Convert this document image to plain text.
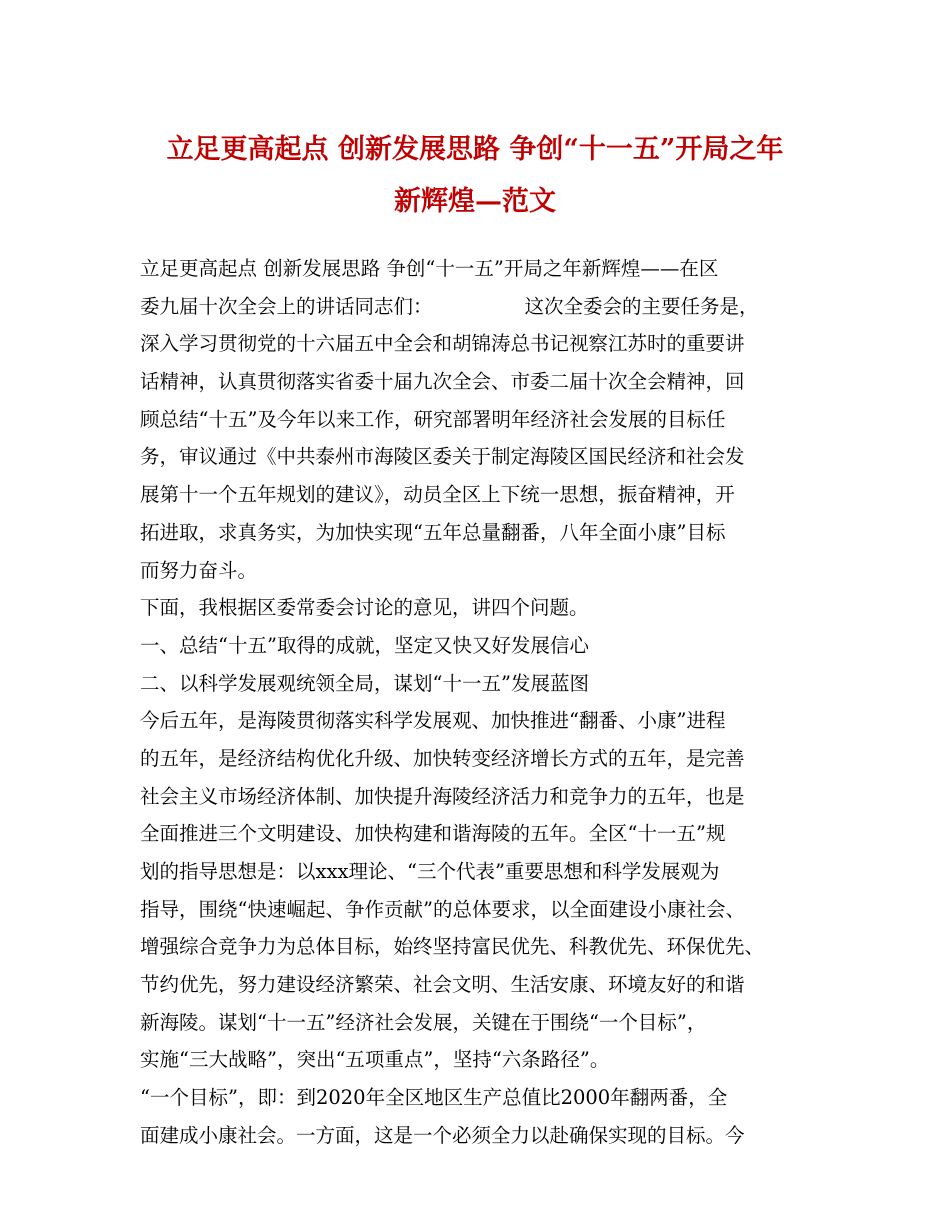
立足更高起点 创新发展思路 争创“十一五”开局之年
新辉煌—范文
立足更高起点 创新发展思路 争创“十一五”开局之年新辉煌——在区
委九届十次全会上的讲话同志们：	这次全委会的主要任务是，
深入学习贯彻党的十六届五中全会和胡锦涛总书记视察江苏时的重要讲
话精神，认真贯彻落实省委十届九次全会、市委二届十次全会精神，回
顾总结“十五”及今年以来工作，研究部署明年经济社会发展的目标任
务，审议通过《中共泰州市海陵区委关于制定海陵区国民经济和社会发
展第十一个五年规划的建议》，动员全区上下统一思想，振奋精神，开
拓进取，求真务实，为加快实现“五年总量翻番，八年全面小康”目标
而努力奋斗。
下面，我根据区委常委会讨论的意见，讲四个问题。
一、总结“十五”取得的成就，坚定又快又好发展信心
二、以科学发展观统领全局，谋划“十一五”发展蓝图
今后五年，是海陵贯彻落实科学发展观、加快推进“翻番、小康”进程
的五年，是经济结构优化升级、加快转变经济增长方式的五年，是完善
社会主义市场经济体制、加快提升海陵经济活力和竞争力的五年，也是
全面推进三个文明建设、加快构建和谐海陵的五年。全区“十一五”规
划的指导思想是：以xxx理论、“三个代表”重要思想和科学发展观为
指导，围绕“快速崛起、争作贡献”的总体要求，以全面建设小康社会、
增强综合竞争力为总体目标，始终坚持富民优先、科教优先、环保优先、
节约优先，努力建设经济繁荣、社会文明、生活安康、环境友好的和谐
新海陵。谋划“十一五”经济社会发展，关键在于围绕“一个目标”，
实施“三大战略”，突出“五项重点”，坚持“六条路径”。
“一个目标”，即：到2020年全区地区生产总值比2000年翻两番，全
面建成小康社会。一方面，这是一个必须全力以赴确保实现的目标。今
